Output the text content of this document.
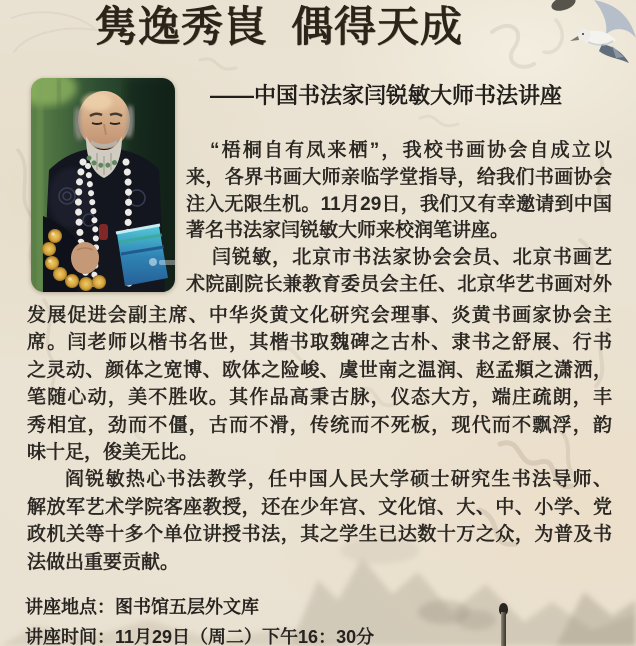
隽逸秀崀 偶得天成
——中国书法家闫锐敏大师书法讲座
“梧桐自有凤来栖”，我校书画协会自成立以
来，各界书画大师亲临学堂指导，给我们书画协会
注入无限生机。11月29日，我们又有幸邀请到中国
著名书法家闫锐敏大师来校润笔讲座。
闫锐敏，北京市书法家协会会员、北京书画艺
术院副院长兼教育委员会主任、北京华艺书画对外
发展促进会副主席、中华炎黄文化研究会理事、炎黄书画家协会主
席。闫老师以楷书名世，其楷书取魏碑之古朴、隶书之舒展、行书
之灵动、颜体之宽博、欧体之险峻、虞世南之温润、赵孟頫之潇洒，
笔随心动，美不胜收。其作品高秉古脉，仪态大方，端庄疏朗，丰
秀相宜，劲而不僵，古而不滑，传统而不死板，现代而不飘浮，韵
味十足，俊美无比。
阎锐敏热心书法教学，任中国人民大学硕士研究生书法导师、
解放军艺术学院客座教授，还在少年宫、文化馆、大、中、小学、党
政机关等十多个单位讲授书法，其之学生已达数十万之众，为普及书
法做出重要贡献。
讲座地点：图书馆五层外文库
讲座时间：11月29日（周二）下午16：30分
